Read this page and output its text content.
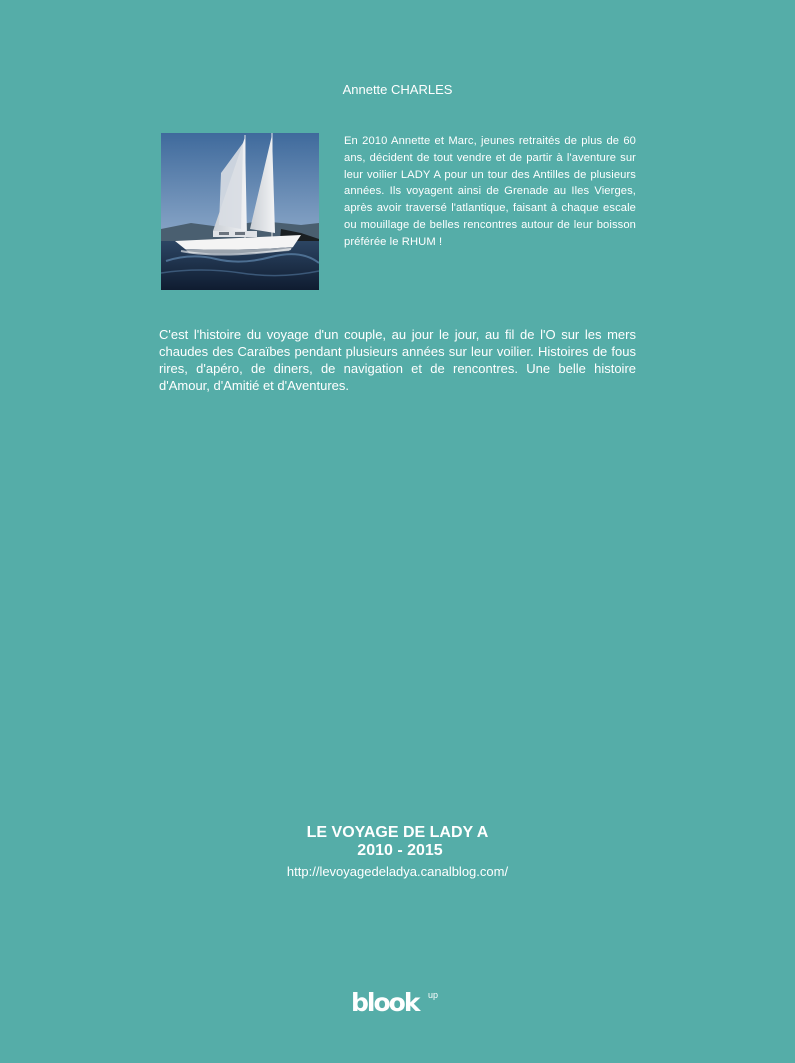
Annette CHARLES

En 2010 Annette et Marc, jeunes retraités de plus de 60 ans, décident de tout vendre et de partir à l'aventure sur leur voilier LADY A pour un tour des Antilles de plusieurs années. Ils voyagent ainsi de Grenade au Iles Vierges, après avoir traversé l'atlantique, faisant à chaque escale ou mouillage de belles rencontres autour de leur boisson préférée le RHUM !

C'est l'histoire du voyage d'un couple, au jour le jour, au fil de l'O sur les mers chaudes des Caraïbes pendant plusieurs années sur leur voilier. Histoires de fous rires, d'apéro, de diners, de navigation et de rencontres. Une belle histoire d'Amour, d'Amitié et d'Aventures.

LE VOYAGE DE LADY A
2010 - 2015
http://levoyagedeladya.canalblog.com/
blook up
